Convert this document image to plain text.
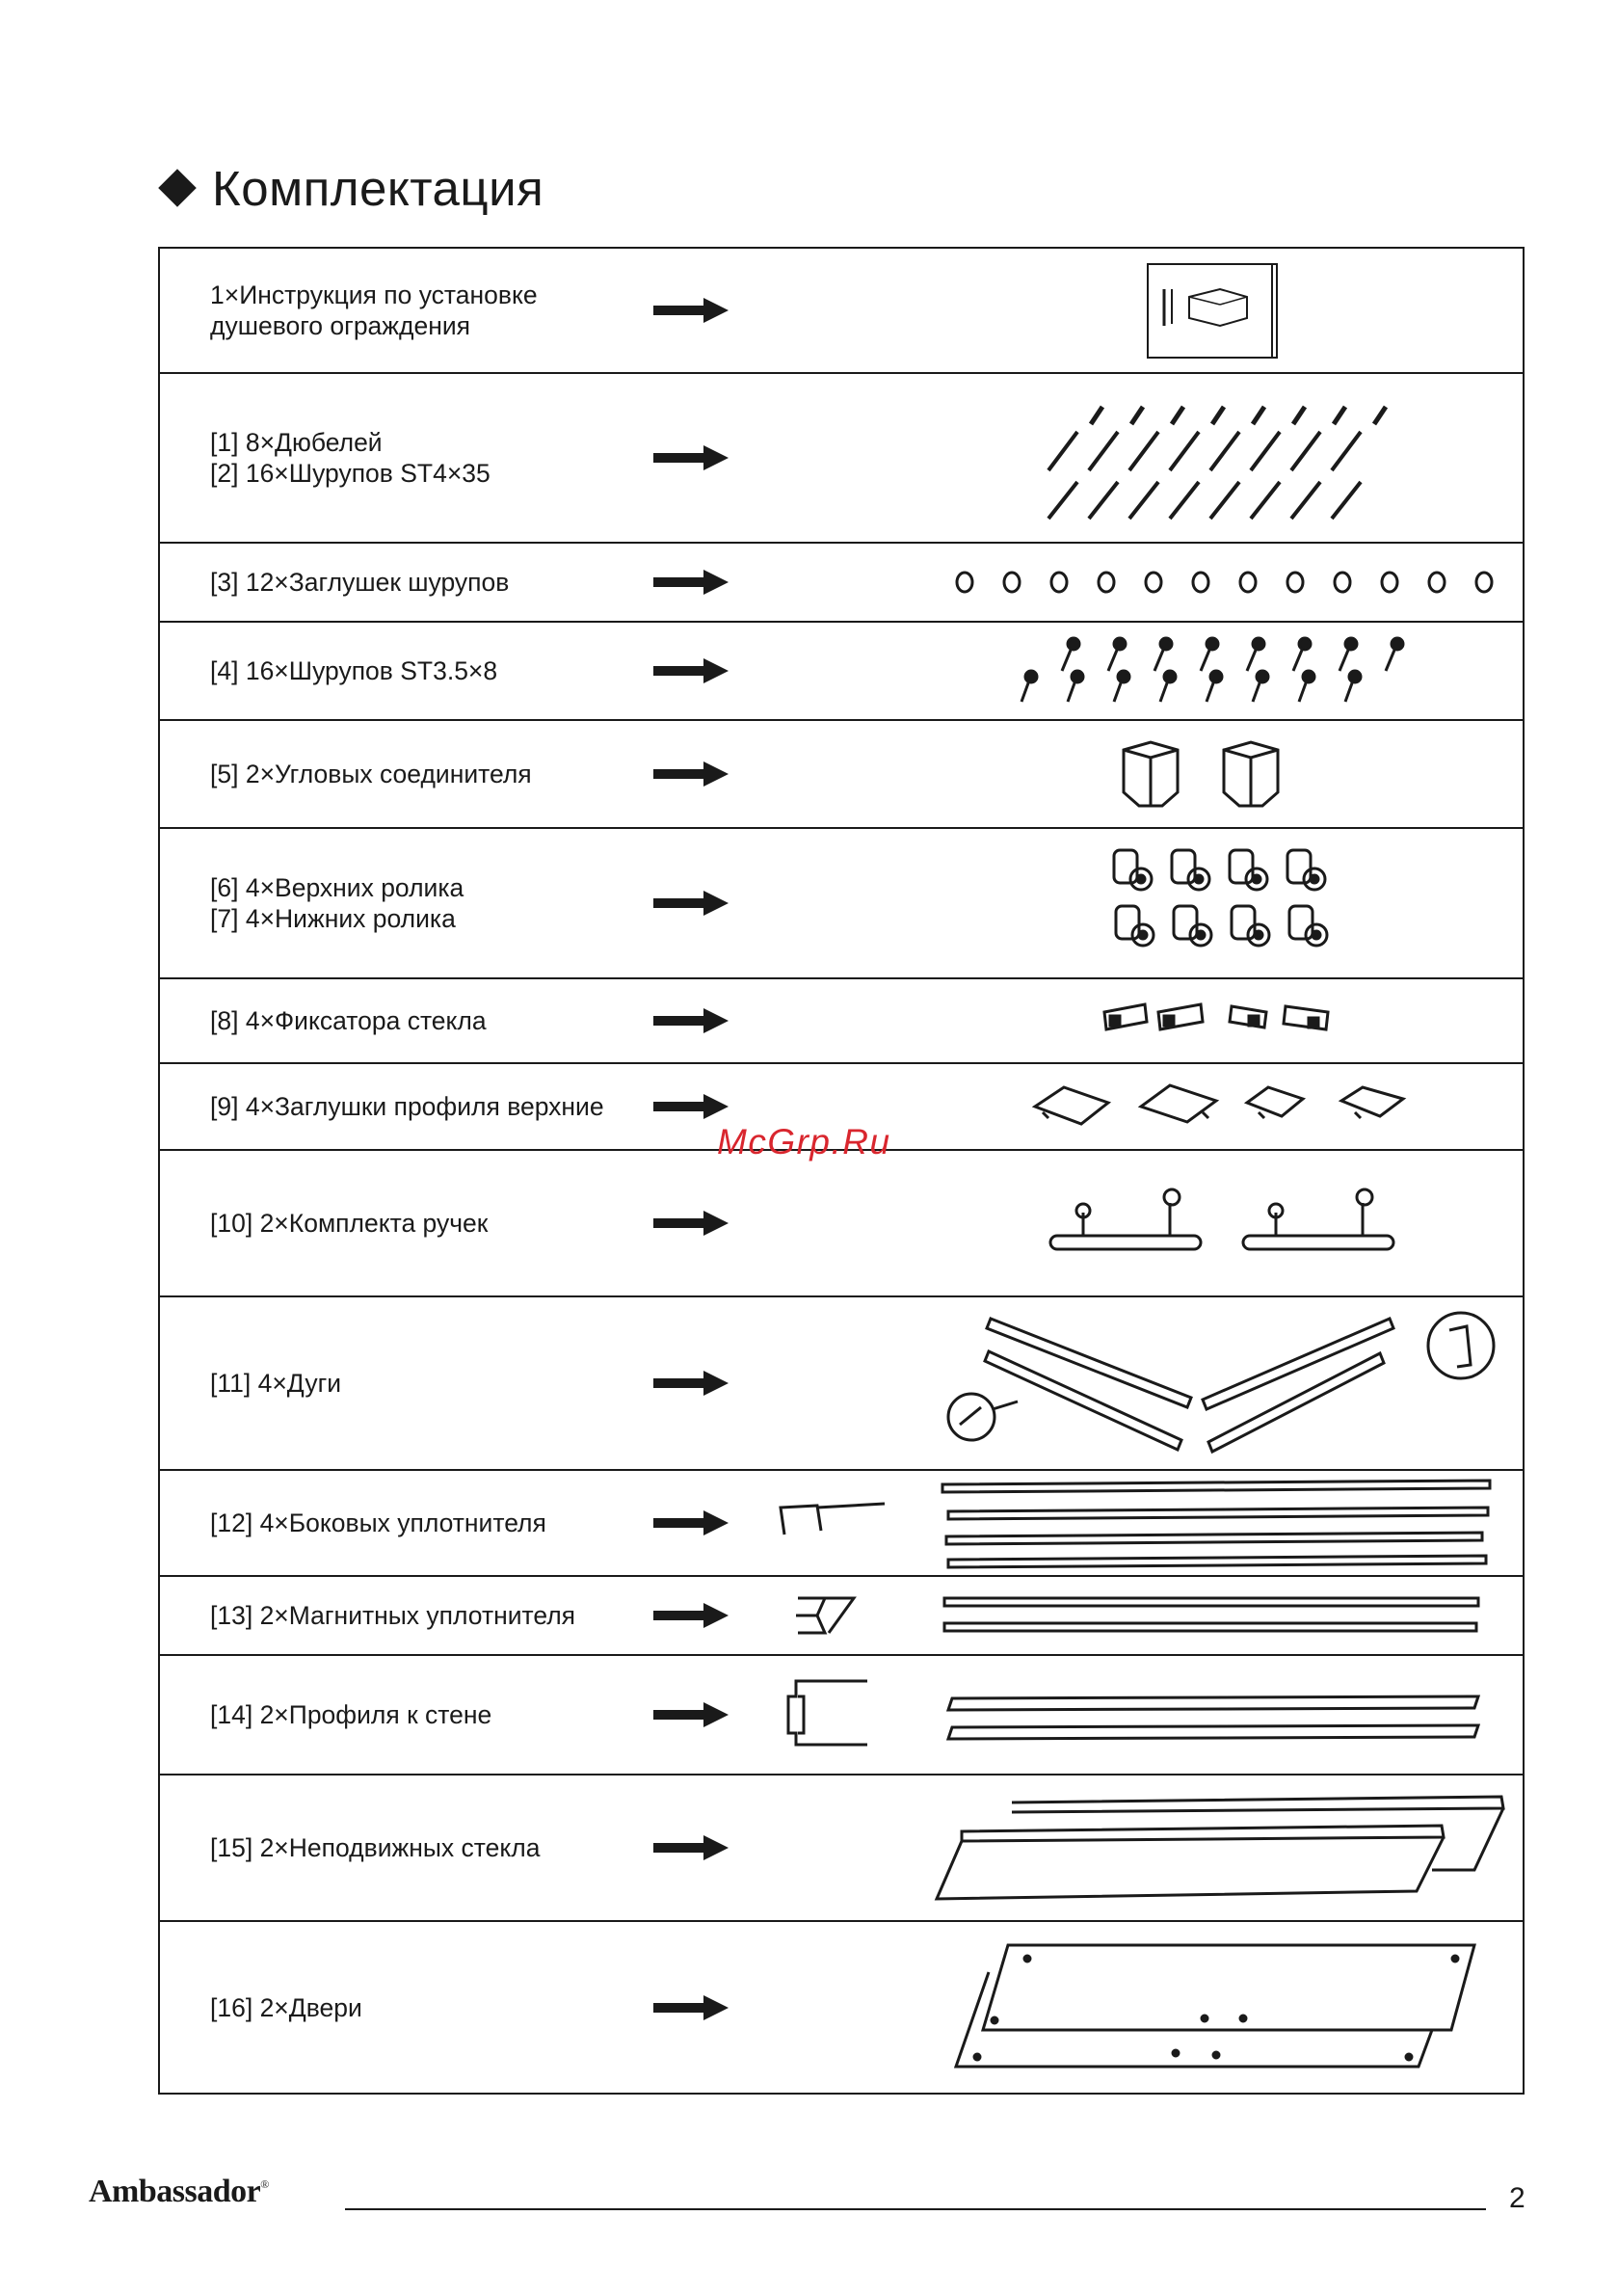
Комплектация
1×Инструкция по установке
душевого ограждения
[1] 8×Дюбелей
[2] 16×Шурупов ST4×35
[3] 12×Заглушек шурупов
[4] 16×Шурупов ST3.5×8
[5] 2×Угловых соединителя
[6] 4×Верхних ролика
[7] 4×Нижних ролика
[8] 4×Фиксатора стекла
[9] 4×Заглушки профиля верхние
[10] 2×Комплекта ручек
[11] 4×Дуги
[12] 4×Боковых уплотнителя
[13] 2×Магнитных уплотнителя
[14] 2×Профиля к стене
[15] 2×Неподвижных стекла
[16] 2×Двери
McGrp.Ru
Ambassador®	2
